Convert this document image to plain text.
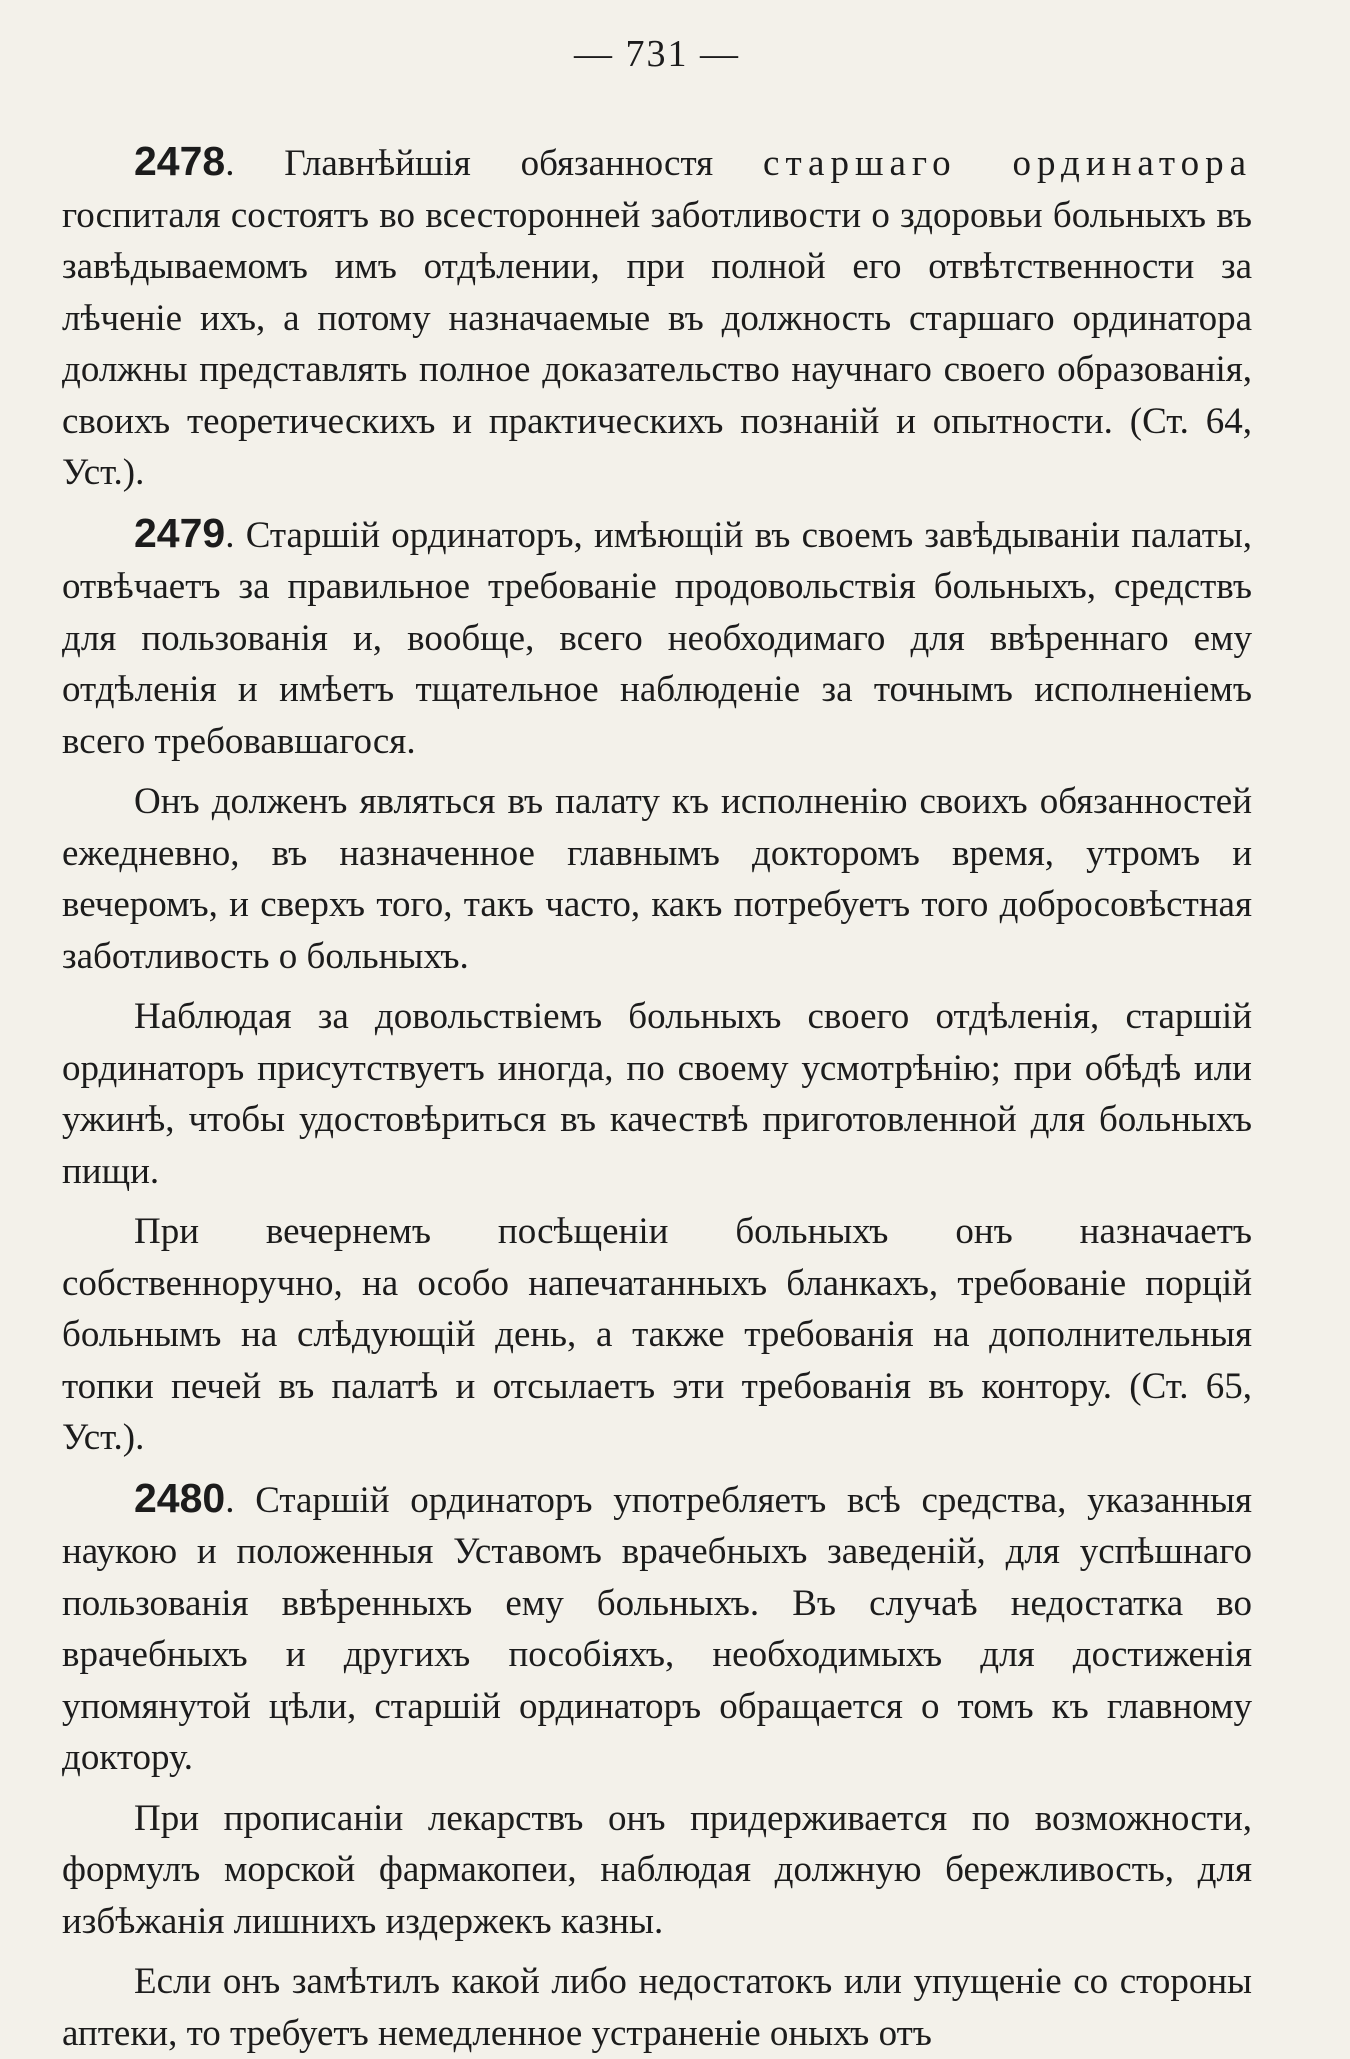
— 731 —

2478. Главнѣйшія обязанностя старшаго ординатора госпиталя состоятъ во всесторонней заботливости о здоровьи больныхъ въ завѣдываемомъ имъ отдѣлении, при полной его отвѣтственности за лѣченіе ихъ, а потому назначаемые въ должность старшаго ординатора должны представлять полное доказательство научнаго своего образованія, своихъ теоретическихъ и практическихъ познаній и опытности. (Ст. 64, Уст.).

2479. Старшій ординаторъ, имѣющій въ своемъ завѣдываніи палаты, отвѣчаетъ за правильное требованіе продовольствія больныхъ, средствъ для пользованія и, вообще, всего необходимаго для ввѣреннаго ему отдѣленія и имѣетъ тщательное наблюденіе за точнымъ исполненіемъ всего требовавшагося.

Онъ долженъ являться въ палату къ исполненію своихъ обязанностей ежедневно, въ назначенное главнымъ докторомъ время, утромъ и вечеромъ, и сверхъ того, такъ часто, какъ потребуетъ того добросовѣстная заботливость о больныхъ.

Наблюдая за довольствіемъ больныхъ своего отдѣленія, старшій ординаторъ присутствуетъ иногда, по своему усмотрѣнію; при обѣдѣ или ужинѣ, чтобы удостовѣриться въ качествѣ приготовленной для больныхъ пищи.

При вечернемъ посѣщеніи больныхъ онъ назначаетъ собственноручно, на особо напечатанныхъ бланкахъ, требованіе порцій больнымъ на слѣдующій день, а также требованія на дополнительныя топки печей въ палатѣ и отсылаетъ эти требованія въ контору. (Ст. 65, Уст.).

2480. Старшій ординаторъ употребляетъ всѣ средства, указанныя наукою и положенныя Уставомъ врачебныхъ заведеній, для успѣшнаго пользованія ввѣренныхъ ему больныхъ. Въ случаѣ недостатка во врачебныхъ и другихъ пособіяхъ, необходимыхъ для достиженія упомянутой цѣли, старшій ординаторъ обращается о томъ къ главному доктору.

При прописаніи лекарствъ онъ придерживается по возможности, формулъ морской фармакопеи, наблюдая должную бережливость, для избѣжанія лишнихъ издержекъ казны.

Если онъ замѣтилъ какой либо недостатокъ или упущеніе со стороны аптеки, то требуетъ немедленное устраненіе оныхъ отъ
